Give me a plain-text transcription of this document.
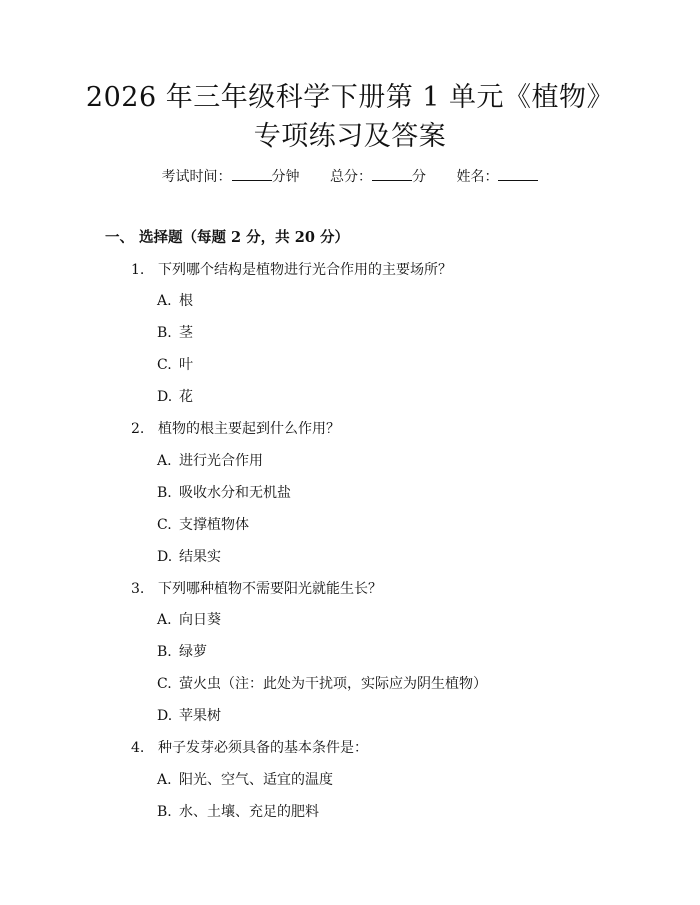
2026 年三年级科学下册第 1 单元《植物》专项练习及答案
考试时间：	分钟 总分：	分 姓名：
一、 选择题（每题 2 分，共 20 分）
1. 下列哪个结构是植物进行光合作用的主要场所？
A. 根
B. 茎
C. 叶
D. 花
2. 植物的根主要起到什么作用？
A. 进行光合作用
B. 吸收水分和无机盐
C. 支撑植物体
D. 结果实
3. 下列哪种植物不需要阳光就能生长？
A. 向日葵
B. 绿萝
C. 萤火虫（注：此处为干扰项，实际应为阴生植物）
D. 苹果树
4. 种子发芽必须具备的基本条件是：
A. 阳光、空气、适宜的温度
B. 水、土壤、充足的肥料
